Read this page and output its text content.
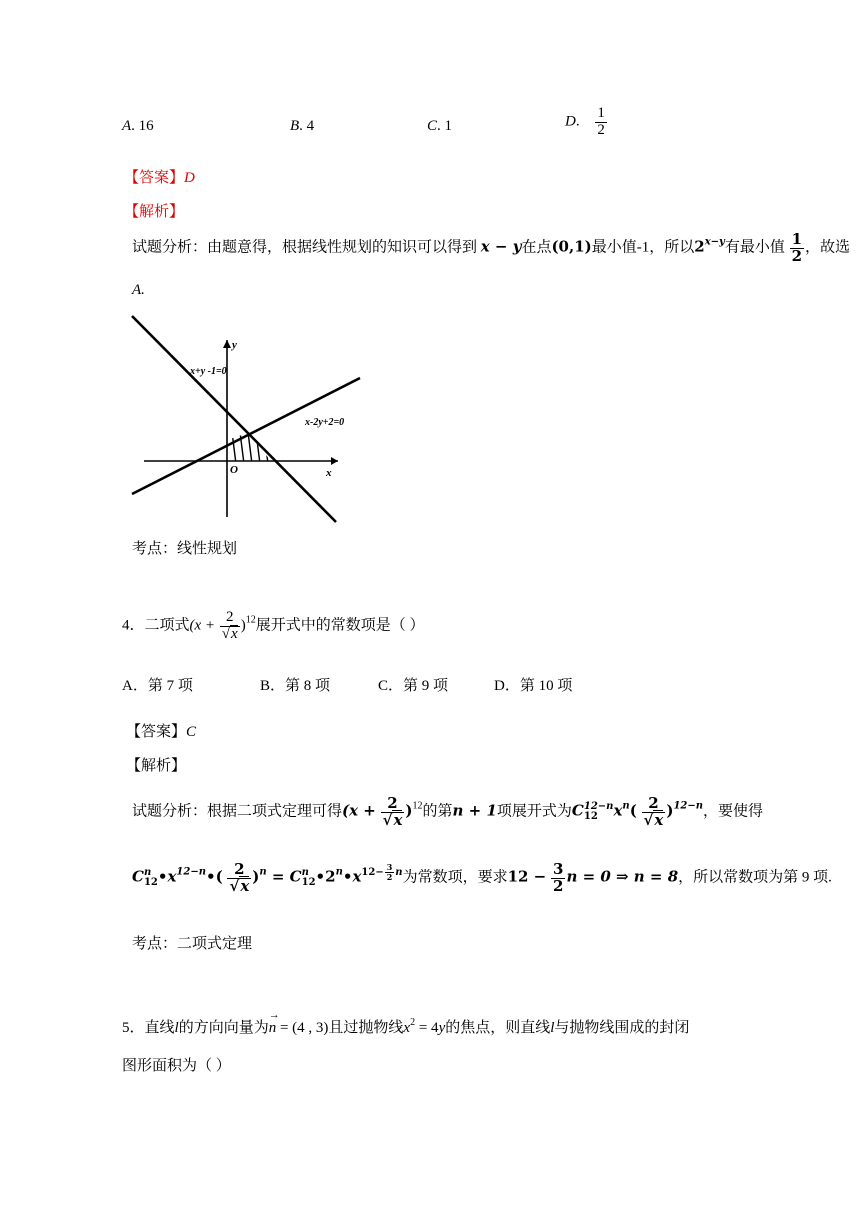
A. 16	B. 4	C. 1	D. $\frac{1}{2}$
【答案】D
【解析】
试题分析：由题意得，根据线性规划的知识可以得到 x − y在点(0,1)最小值-1，所以$2^{x-y}$有最小值 $\frac{1}{2}$ ，故选
A.
y
x
O
x+y -1=0
x-2y+2=0
考点：线性规划
4．二项式$(x + \frac{2}{√x} )^{12}$展开式中的常数项是（ ）
A．第 7 项	B．第 8 项	C．第 9 项	D．第 10 项
【答案】C
【解析】
试题分析：根据二项式定理可得$(x + \frac{2}{√x} )^{12}$的第n + 1项展开式为C 12−n
12	$x^n( \frac{2}{√x} )^{12-n}$，要使得
C n
12 $•x^{12-n}•( \frac{2}{√x} )^n = C$ n
12 $•2^n•x^{12- \frac{3}{2} n}$为常数项，要求$12 - \frac{3}{2}$ n = 0 ⇒ n = 8，所以常数项为第 9 项.
考点：二项式定理
5．直线l的方向向量为
→
n = (4 , 3)且过抛物线$x^2 = 4y$的焦点，则直线l与抛物线围成的封闭
图形面积为（ ）
